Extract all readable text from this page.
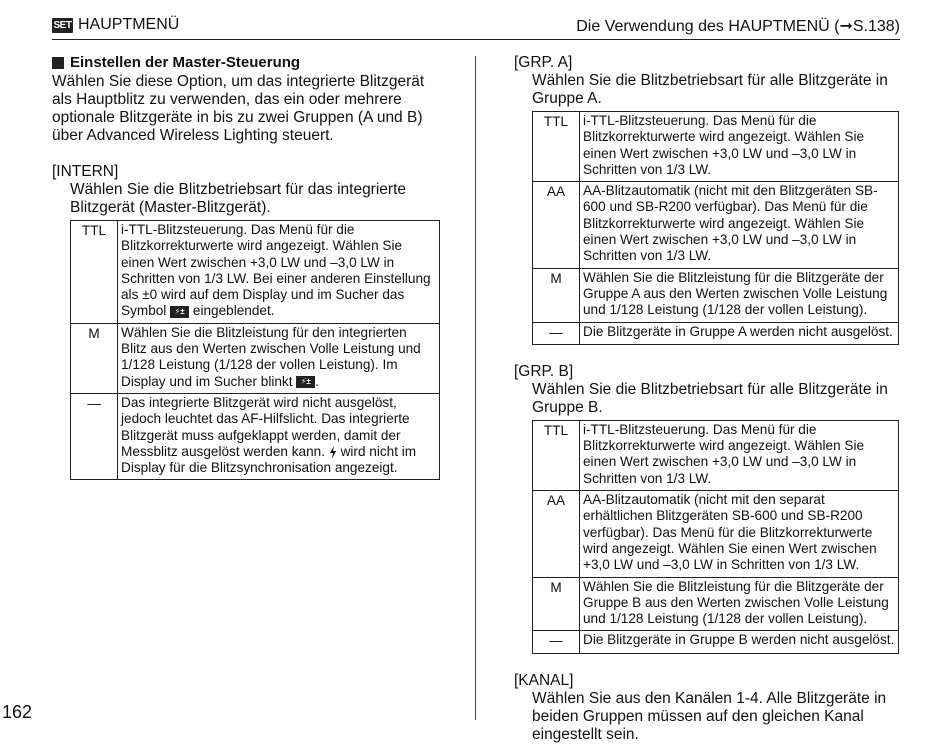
SET HAUPTMENÜ	Die Verwendung des HAUPTMENÜ (➞S.138)
Einstellen der Master-Steuerung

Wählen Sie diese Option, um das integrierte Blitzgerät als Hauptblitz zu verwenden, das ein oder mehrere optionale Blitzgeräte in bis zu zwei Gruppen (A und B) über Advanced Wireless Lighting steuert.

[INTERN]
Wählen Sie die Blitzbetriebsart für das integrierte Blitzgerät (Master-Blitzgerät).
TTL	i-TTL-Blitzsteuerung. Das Menü für die Blitzkorrekturwerte wird angezeigt. Wählen Sie einen Wert zwischen +3,0 LW und –3,0 LW in Schritten von 1/3 LW. Bei einer anderen Einstellung als ±0 wird auf dem Display und im Sucher das Symbol ⚡± eingeblendet.
M	Wählen Sie die Blitzleistung für den integrierten Blitz aus den Werten zwischen Volle Leistung und 1/128 Leistung (1/128 der vollen Leistung). Im Display und im Sucher blinkt ⚡± .
—	Das integrierte Blitzgerät wird nicht ausgelöst, jedoch leuchtet das AF-Hilfslicht. Das integrierte Blitzgerät muss aufgeklappt werden, damit der Messblitz ausgelöst werden kann.  wird nicht im Display für die Blitzsynchronisation angezeigt.
[GRP. A]
Wählen Sie die Blitzbetriebsart für alle Blitzgeräte in Gruppe A.
TTL	i-TTL-Blitzsteuerung. Das Menü für die Blitzkorrekturwerte wird angezeigt. Wählen Sie einen Wert zwischen +3,0 LW und –3,0 LW in Schritten von 1/3 LW.
AA	AA-Blitzautomatik (nicht mit den Blitzgeräten SB-600 und SB-R200 verfügbar). Das Menü für die Blitzkorrekturwerte wird angezeigt. Wählen Sie einen Wert zwischen +3,0 LW und –3,0 LW in Schritten von 1/3 LW.
M	Wählen Sie die Blitzleistung für die Blitzgeräte der Gruppe A aus den Werten zwischen Volle Leistung und 1/128 Leistung (1/128 der vollen Leistung).
—	Die Blitzgeräte in Gruppe A werden nicht ausgelöst.
[GRP. B]
Wählen Sie die Blitzbetriebsart für alle Blitzgeräte in Gruppe B.
TTL	i-TTL-Blitzsteuerung. Das Menü für die Blitzkorrekturwerte wird angezeigt. Wählen Sie einen Wert zwischen +3,0 LW und –3,0 LW in Schritten von 1/3 LW.
AA	AA-Blitzautomatik (nicht mit den separat erhältlichen Blitzgeräten SB-600 und SB-R200 verfügbar). Das Menü für die Blitzkorrekturwerte wird angezeigt. Wählen Sie einen Wert zwischen +3,0 LW und –3,0 LW in Schritten von 1/3 LW.
M	Wählen Sie die Blitzleistung für die Blitzgeräte der Gruppe B aus den Werten zwischen Volle Leistung und 1/128 Leistung (1/128 der vollen Leistung).
—	Die Blitzgeräte in Gruppe B werden nicht ausgelöst.
[KANAL]
Wählen Sie aus den Kanälen 1-4. Alle Blitzgeräte in beiden Gruppen müssen auf den gleichen Kanal eingestellt sein.
162
